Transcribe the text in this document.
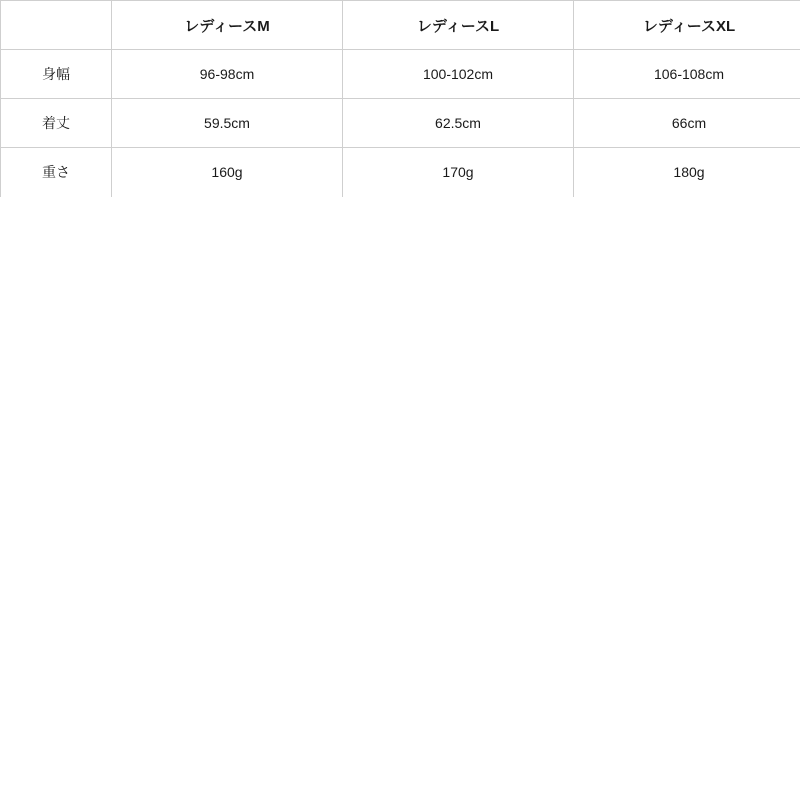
	レディースM	レディースL	レディースXL
身幅	96-98cm	100-102cm	106-108cm
着丈	59.5cm	62.5cm	66cm
重さ	160g	170g	180g
